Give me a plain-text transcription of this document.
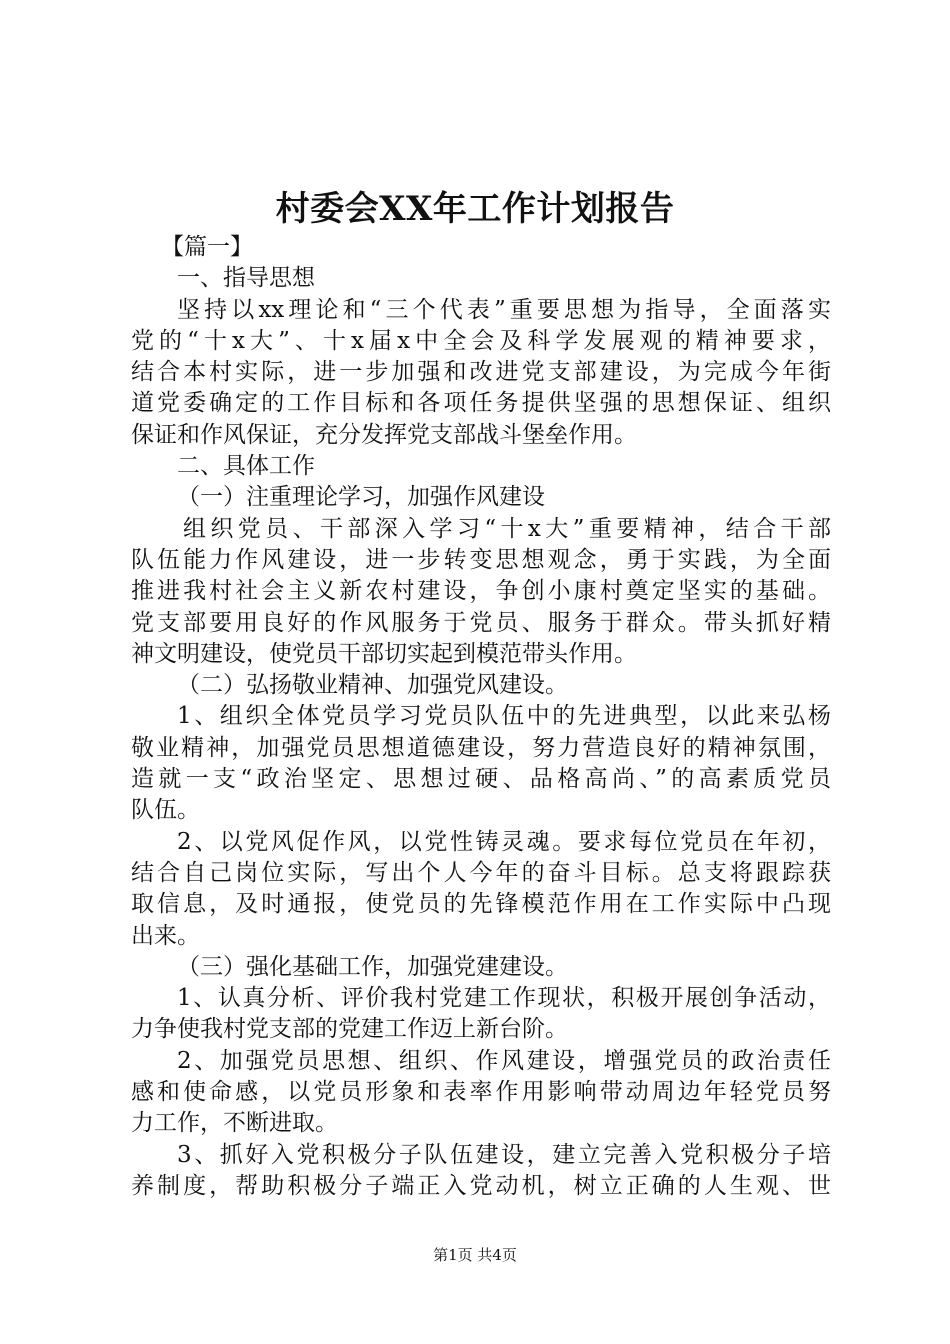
村委会XX年工作计划报告
【篇一】
一、指导思想
坚持以xx理论和“三个代表”重要思想为指导，全面落实
党的“十x大”、十x届x中全会及科学发展观的精神要求，
结合本村实际，进一步加强和改进党支部建设，为完成今年街
道党委确定的工作目标和各项任务提供坚强的思想保证、组织
保证和作风保证，充分发挥党支部战斗堡垒作用。
二、具体工作
（一）注重理论学习，加强作风建设
组织党员、干部深入学习“十x大”重要精神，结合干部
队伍能力作风建设，进一步转变思想观念，勇于实践，为全面
推进我村社会主义新农村建设，争创小康村奠定坚实的基础。
党支部要用良好的作风服务于党员、服务于群众。带头抓好精
神文明建设，使党员干部切实起到模范带头作用。
（二）弘扬敬业精神、加强党风建设。
1、组织全体党员学习党员队伍中的先进典型，以此来弘杨
敬业精神，加强党员思想道德建设，努力营造良好的精神氛围，
造就一支“政治坚定、思想过硬、品格高尚、”的高素质党员
队伍。
2、以党风促作风，以党性铸灵魂。要求每位党员在年初，
结合自己岗位实际，写出个人今年的奋斗目标。总支将跟踪获
取信息，及时通报，使党员的先锋模范作用在工作实际中凸现
出来。
（三）强化基础工作，加强党建建设。
1、认真分析、评价我村党建工作现状，积极开展创争活动，
力争使我村党支部的党建工作迈上新台阶。
2、加强党员思想、组织、作风建设，增强党员的政治责任
感和使命感，以党员形象和表率作用影响带动周边年轻党员努
力工作，不断进取。
3、抓好入党积极分子队伍建设，建立完善入党积极分子培
养制度，帮助积极分子端正入党动机，树立正确的人生观、世
第1页 共4页
